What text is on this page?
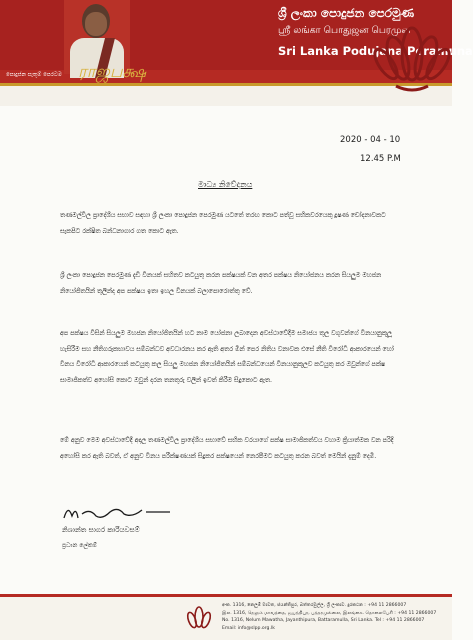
ශ්‍රී ලංකා පොදුජන පෙරමුණ
ஸ்ரீ லங்கா பொதுஜன பெரமுன
Sri Lanka Podujana Peramuna
පොදුජන පැතුම් පෙරටම ராஜபக்ஷ
2020 - 04 - 10
12.45 P.M
මාධ්‍ය නිවේදනය
තණමල්විල ප්‍රාදේශීය සභාව සඳහා ශ්‍රී ලංකා පොදුජන පෙරමුණ යටතේ තරඟ කොට පත්වූ සභිකවරයෙකු දූෂණ චෝදනාවකට සැකපිට රක්ෂිත බන්ධනාගාර ගත කොට ඇත.
ශ්‍රී ලංකා පොදුජන පෙරමුණ දැඩි විනයක් සහිතව කටයුතු කරන පක්ෂයක් වන අතර පක්ෂය නියෝජනය කරන සියලුම මහජන නියෝජිතයින් තුලින්ද අප පක්ෂය ඉතා ඉහල විනයක් බලාපොරොත්තු වේ.
අප පක්ෂය විසින් සියලුම මහජන නියෝජිතයින් හට නාම යෝජනා ලබාදෙන අවස්ථාවේදීම සමාජය තුල වගුවන්ගේ විනයානුකූලූ හැසිරීම සහ නීතිගරුකභාවය සම්බන්ධව අවධාරනය කර ඇති අතර මින් පෙර නිතිය වනාවක එසේ නීති විරෝධී ආකාරයෙන් හෝ විනය විරෝධී ආකාරයෙන් කටයුතු කල සියලු මහජන නියෝජිතයින් සම්බන්ධයෙන් විනයානුකූලව කටයුතු කර ඔවුන්ගේ පක්ෂ සාමාජිකත්ව අහෝසි කොට ඔවුන් දරන තනතුරු වලින් ඉවත් කිරීම සිදුකොට ඇත.
මේ අනුව මෙම අවස්ථාවේදී අදාල තණමල්විල ප්‍රාදේශීය සභාවේ සභික වරයාගේ පක්ෂ සාමාජිකත්වය වහාම ක්‍රියාත්මක වන පරිදි අහෝසි කර ඇති බවත්, ඒ අනුව විනය පරීක්ෂණයක් සිදුකර පක්ෂයෙන් නෙරපීමට කටයුතු කරන බවත් මෙයින් දැනුම් දෙමි.
නිශාන්ත සාගර කාරියවසම්
ප්‍රධාන ලේකම්
අංක. 1316, නෙලුම් මාවත, ජයන්තිපුර, බත්තරමුල්ල, ශ්‍රී ලංකාව. දුරකථන : +94 11 2866007
இல. 1316, நெலும் மாவத்தை, ஜயந்திபுர, பத்தரமுல்லை, இலங்கை. தொலைபேசி : +94 11 2866007
No. 1316, Nelum Mawatha, Jayanthipura, Battaramulla, Sri Lanka. Tel : +94 11 2866007
Email: info@slpp.org.lk
